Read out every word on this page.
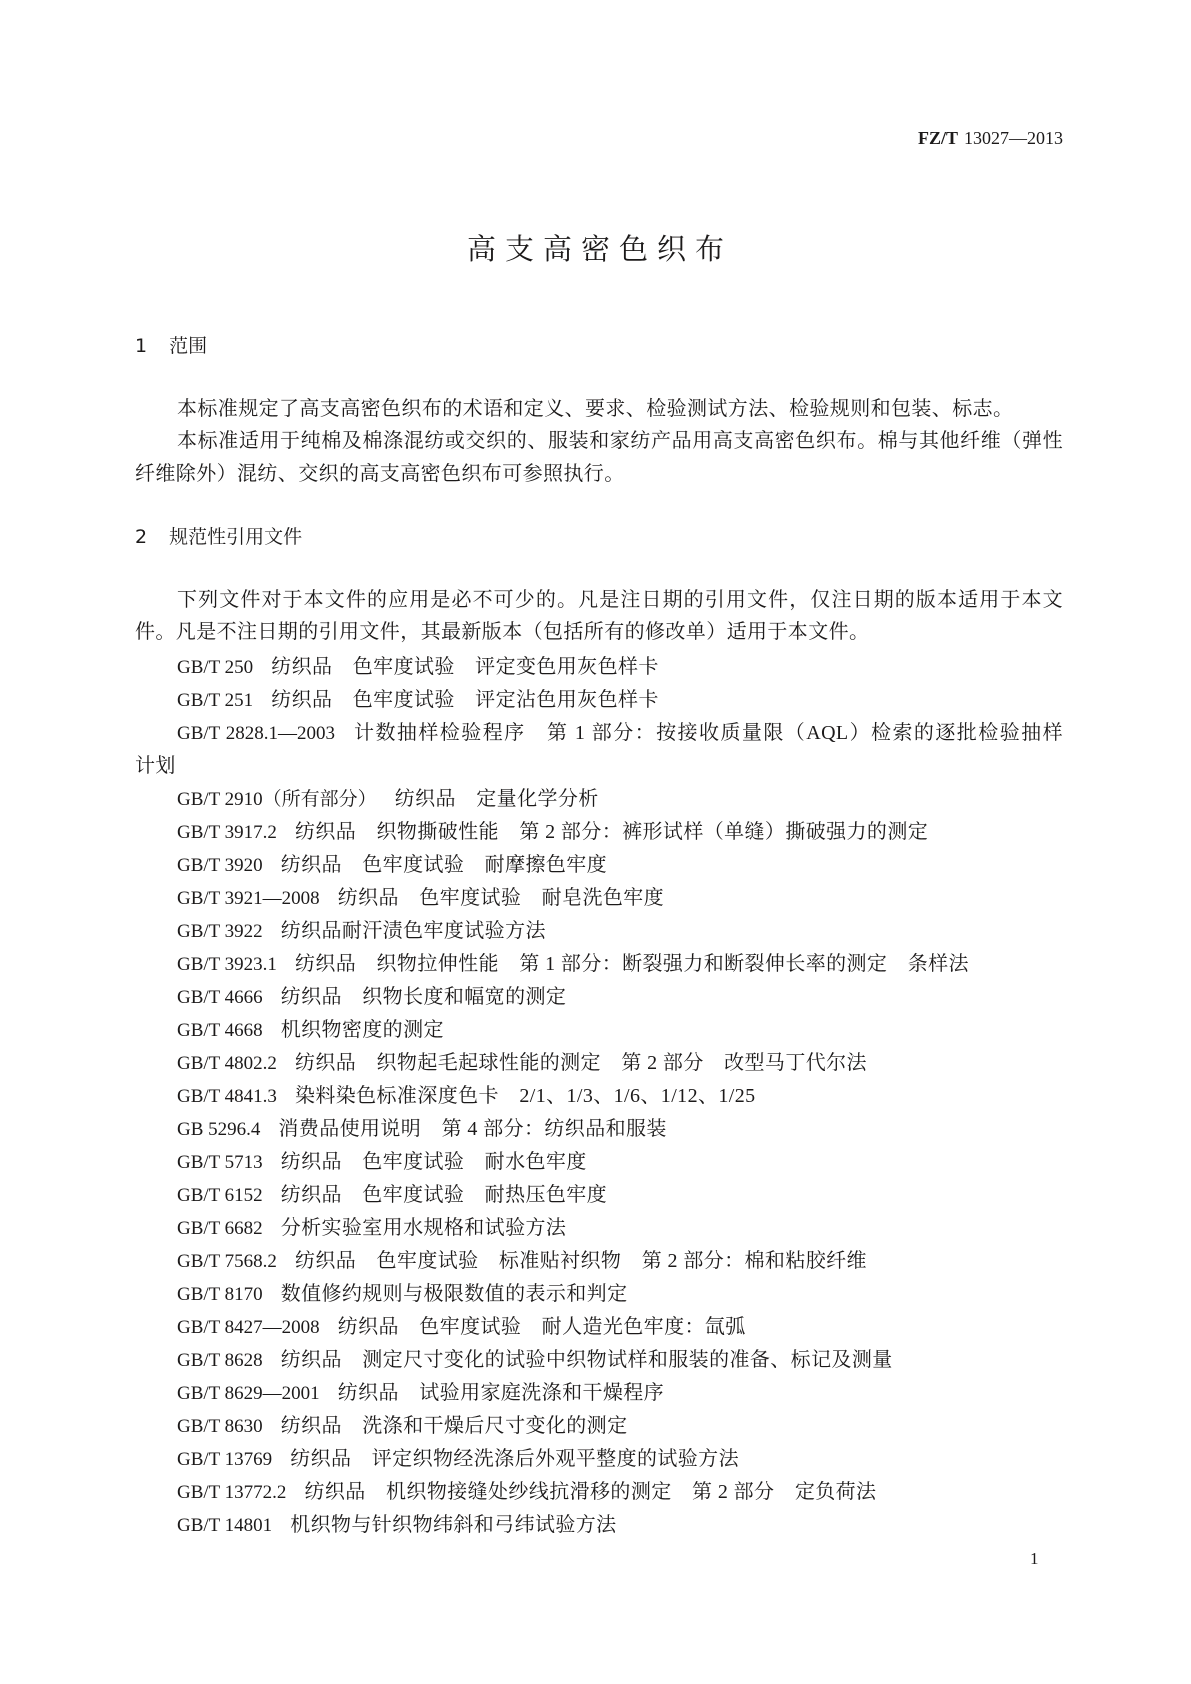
FZ/T 13027—2013
高支高密色织布
1 范围
本标准规定了高支高密色织布的术语和定义、要求、检验测试方法、检验规则和包装、标志。
本标准适用于纯棉及棉涤混纺或交织的、服装和家纺产品用高支高密色织布。棉与其他纤维（弹性
纤维除外）混纺、交织的高支高密色织布可参照执行。
2 规范性引用文件
下列文件对于本文件的应用是必不可少的。凡是注日期的引用文件，仅注日期的版本适用于本文
件。凡是不注日期的引用文件，其最新版本（包括所有的修改单）适用于本文件。
GB/T 250 纺织品　色牢度试验　评定变色用灰色样卡
GB/T 251 纺织品　色牢度试验　评定沾色用灰色样卡
GB/T 2828.1—2003 计数抽样检验程序　第 1 部分：按接收质量限（AQL）检索的逐批检验抽样
计划
GB/T 2910（所有部分） 纺织品　定量化学分析
GB/T 3917.2 纺织品　织物撕破性能　第 2 部分：裤形试样（单缝）撕破强力的测定
GB/T 3920 纺织品　色牢度试验　耐摩擦色牢度
GB/T 3921—2008 纺织品　色牢度试验　耐皂洗色牢度
GB/T 3922 纺织品耐汗渍色牢度试验方法
GB/T 3923.1 纺织品　织物拉伸性能　第 1 部分：断裂强力和断裂伸长率的测定　条样法
GB/T 4666 纺织品　织物长度和幅宽的测定
GB/T 4668 机织物密度的测定
GB/T 4802.2 纺织品　织物起毛起球性能的测定　第 2 部分　改型马丁代尔法
GB/T 4841.3 染料染色标准深度色卡　2/1、1/3、1/6、1/12、1/25
GB 5296.4 消费品使用说明　第 4 部分：纺织品和服装
GB/T 5713 纺织品　色牢度试验　耐水色牢度
GB/T 6152 纺织品　色牢度试验　耐热压色牢度
GB/T 6682 分析实验室用水规格和试验方法
GB/T 7568.2 纺织品　色牢度试验　标准贴衬织物　第 2 部分：棉和粘胶纤维
GB/T 8170 数值修约规则与极限数值的表示和判定
GB/T 8427—2008 纺织品　色牢度试验　耐人造光色牢度：氙弧
GB/T 8628 纺织品　测定尺寸变化的试验中织物试样和服装的准备、标记及测量
GB/T 8629—2001 纺织品　试验用家庭洗涤和干燥程序
GB/T 8630 纺织品　洗涤和干燥后尺寸变化的测定
GB/T 13769 纺织品　评定织物经洗涤后外观平整度的试验方法
GB/T 13772.2 纺织品　机织物接缝处纱线抗滑移的测定　第 2 部分　定负荷法
GB/T 14801 机织物与针织物纬斜和弓纬试验方法
1
